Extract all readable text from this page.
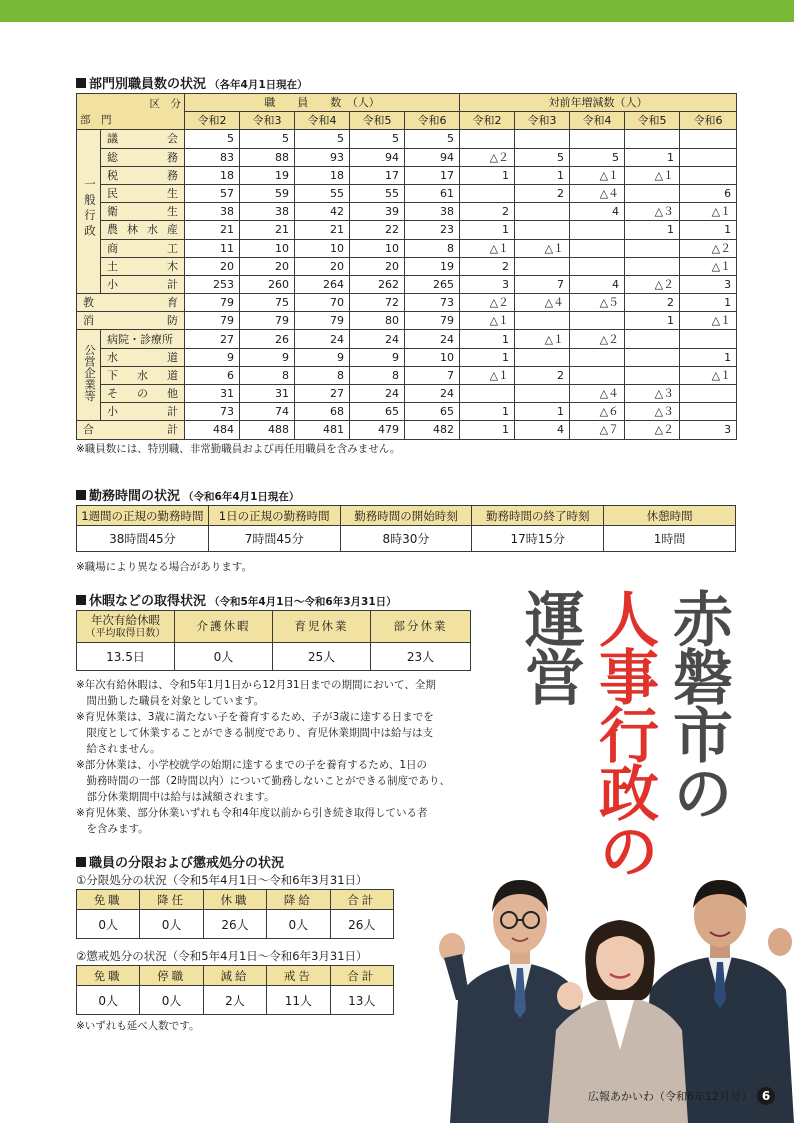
部門別職員数の状況 （各年4月1日現在）
区　分
部　門		職　　員　　数　（人）					対前年増減数（人）				
		令和2	令和3	令和4	令和5	令和6	令和2	令和3	令和4	令和5	令和6
一般行政	議 会	5	5	5	5	5					

	総 務	83	88	93	94	94	△２	5	5	1	

	税 務	18	19	18	17	17	1	1	△１	△１	

	民 生	57	59	55	55	61		2	△４		6

	衛 生	38	38	42	39	38	2		4	△３	△１

	農 林 水 産	21	21	21	22	23	1			1	1

	商 工	11	10	10	10	8	△１	△１			△２

	土 木	20	20	20	20	19	2				△１

	小 計	253	260	264	262	265	3	7	4	△２	3

教 育		79	75	70	72	73	△２	△４	△５	2	1

消 防		79	79	79	80	79	△１			1	△１
公営企業等	病院・診療所	27	26	24	24	24	1	△１	△２		

	水 道	9	9	9	9	10	1				1

	下 水 道	6	8	8	8	7	△１	2			△１

	そ の 他	31	31	27	24	24			△４	△３	

	小 計	73	74	68	65	65	1	1	△６	△３	

合 計		484	488	481	479	482	1	4	△７	△２	3
※職員数には、特別職、非常勤職員および再任用職員を含みません。
勤務時間の状況 （令和6年4月1日現在）
1週間の正規の勤務時間	1日の正規の勤務時間	勤務時間の開始時刻	勤務時間の終了時刻	休憩時間
38時間45分	7時間45分	8時30分	17時15分	1時間
※職場により異なる場合があります。
休暇などの取得状況 （令和5年4月1日～令和6年3月31日）
年次有給休暇
（平均取得日数）	介護休暇	育児休業	部分休業
13.5日	0人	25人	23人
※年次有給休暇は、令和5年1月1日から12月31日までの期間において、全期
　間出勤した職員を対象としています。
※育児休業は、3歳に満たない子を養育するため、子が3歳に達する日までを
　限度として休業することができる制度であり、育児休業期間中は給与は支
　給されません。
※部分休業は、小学校就学の始期に達するまでの子を養育するため、1日の
　勤務時間の一部（2時間以内）について勤務しないことができる制度であり、
　部分休業期間中は給与は減額されます。
※育児休業、部分休業いずれも令和4年度以前から引き続き取得している者
　を含みます。
職員の分限および懲戒処分の状況
①分限処分の状況（令和5年4月1日～令和6年3月31日）
免職	降任	休職	降給	合計
0人	0人	26人	0人	26人
②懲戒処分の状況（令和5年4月1日～令和6年3月31日）
免職	停職	減給	戒告	合計
0人	0人	2人	11人	13人
※いずれも延べ人数です。
赤磐市の
人事行政の
運営
広報あかいわ（令和6年12月号） 6
